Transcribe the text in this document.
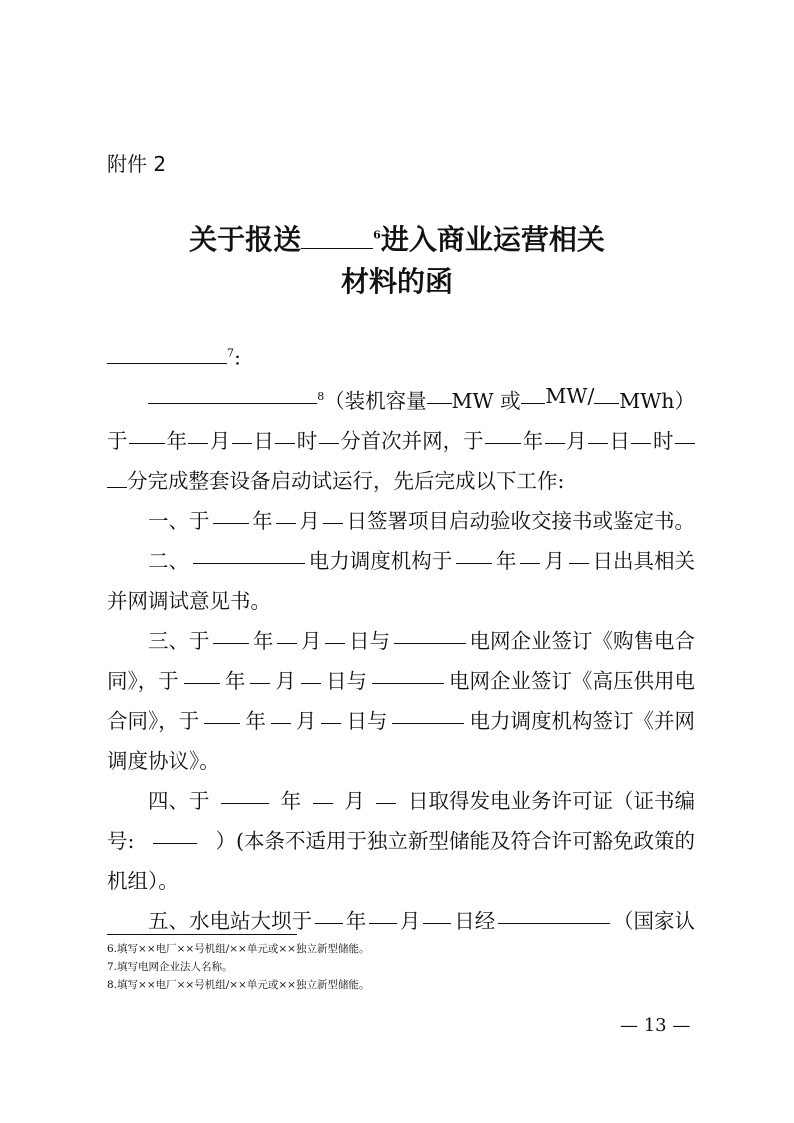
附件 2
关于报送	$^6$进入商业运营相关
材料的函
$^7$:
$^8$（装机容量 MW 或 MW/ MWh）
于 年 月 日 时 分首次并网，于 年 月 日 时
分完成整套设备启动试运行，先后完成以下工作:
一、于 年 月 日签署项目启动验收交接书或鉴定书。
二、	电力调度机构于 年 月 日出具相关
并网调试意见书。
三、于 年 月 日与	电网企业签订《购售电合
同》，于 年 月 日与	电网企业签订《高压供用电
合同》，于 年 月 日与	电力调度机构签订《并网
调度协议》。
四、于	年 月 日取得发电业务许可证（证书编
号:	）(本条不适用于独立新型储能及符合许可豁免政策的
机组）。
五、水电站大坝于 年 月 日经	（国家认
6.填写××电厂××号机组/××单元或××独立新型储能。
7.填写电网企业法人名称。
8.填写××电厂××号机组/××单元或××独立新型储能。
— 13 —
